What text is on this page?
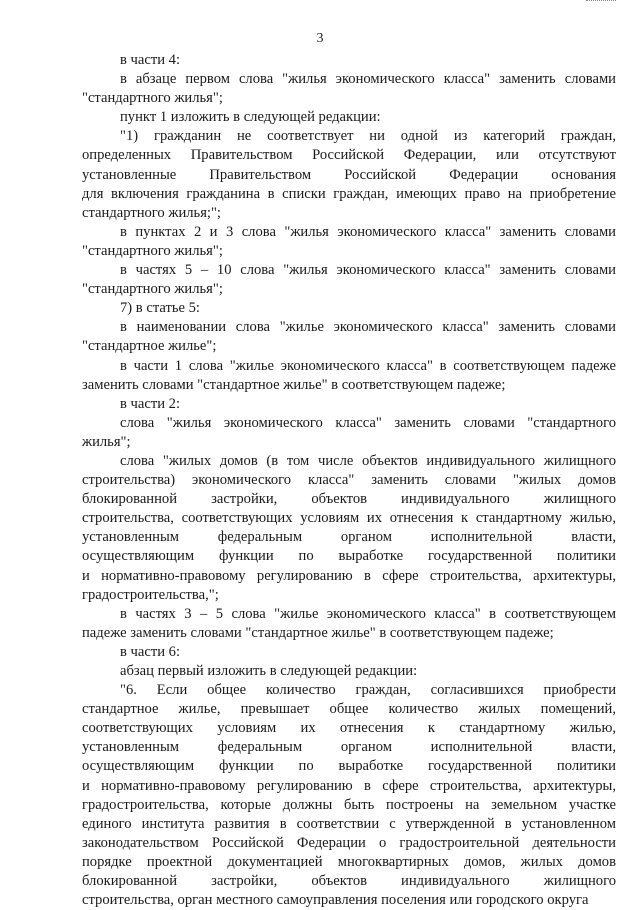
3
в части 4:
в абзаце первом слова "жилья экономического класса" заменить словами
"стандартного жилья";
пункт 1 изложить в следующей редакции:
"1) гражданин не соответствует ни одной из категорий граждан,
определенных Правительством Российской Федерации, или отсутствуют
установленные Правительством Российской Федерации основания
для включения гражданина в списки граждан, имеющих право на приобретение
стандартного жилья;";
в пунктах 2 и 3 слова "жилья экономического класса" заменить словами
"стандартного жилья";
в частях 5 – 10 слова "жилья экономического класса" заменить словами
"стандартного жилья";
7) в статье 5:
в наименовании слова "жилье экономического класса" заменить словами
"стандартное жилье";
в части 1 слова "жилье экономического класса" в соответствующем падеже
заменить словами "стандартное жилье" в соответствующем падеже;
в части 2:
слова "жилья экономического класса" заменить словами "стандартного
жилья";
слова "жилых домов (в том числе объектов индивидуального жилищного
строительства) экономического класса" заменить словами "жилых домов
блокированной застройки, объектов индивидуального жилищного
строительства, соответствующих условиям их отнесения к стандартному жилью,
установленным федеральным органом исполнительной власти,
осуществляющим функции по выработке государственной политики
и нормативно-правовому регулированию в сфере строительства, архитектуры,
градостроительства,";
в частях 3 – 5 слова "жилье экономического класса" в соответствующем
падеже заменить словами "стандартное жилье" в соответствующем падеже;
в части 6:
абзац первый изложить в следующей редакции:
"6. Если общее количество граждан, согласившихся приобрести
стандартное жилье, превышает общее количество жилых помещений,
соответствующих условиям их отнесения к стандартному жилью,
установленным федеральным органом исполнительной власти,
осуществляющим функции по выработке государственной политики
и нормативно-правовому регулированию в сфере строительства, архитектуры,
градостроительства, которые должны быть построены на земельном участке
единого института развития в соответствии с утвержденной в установленном
законодательством Российской Федерации о градостроительной деятельности
порядке проектной документацией многоквартирных домов, жилых домов
блокированной застройки, объектов индивидуального жилищного
строительства, орган местного самоуправления поселения или городского округа
